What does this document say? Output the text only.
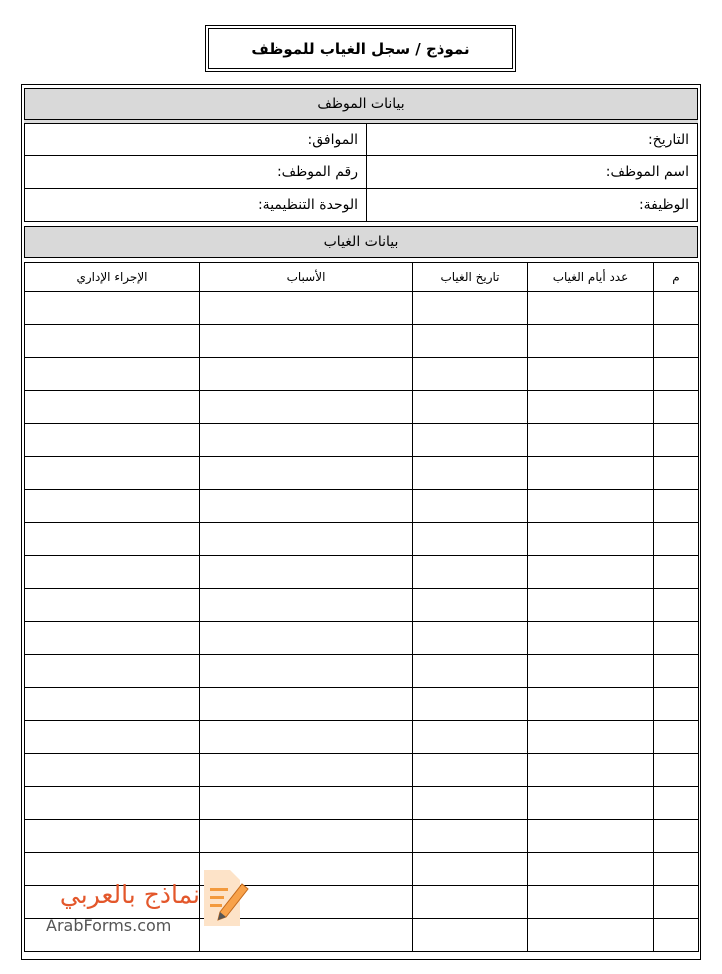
نموذج / سجل الغياب للموظف
بيانات الموظف
التاريخ:
الموافق:
اسم الموظف:
رقم الموظف:
الوظيفة:
الوحدة التنظيمية:
بيانات الغياب
م	عدد أيام الغياب	تاريخ الغياب	الأسباب	الإجراء الإداري

نماذج بالعربي
ArabForms.com
